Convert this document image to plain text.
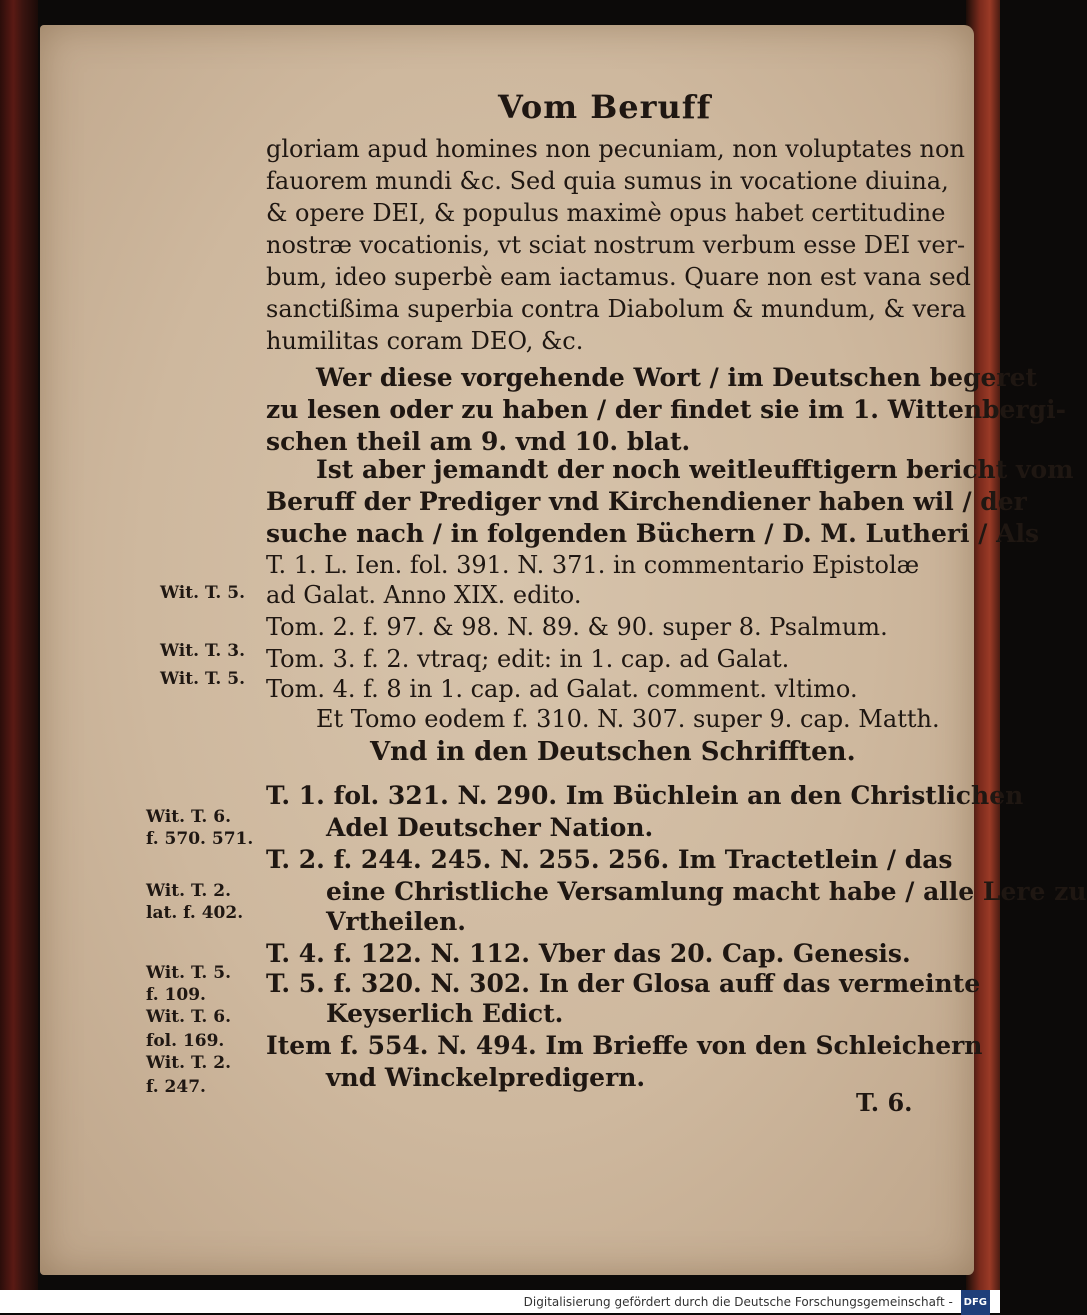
Vom Beruff
gloriam apud homines non pecuniam, non voluptates non
fauorem mundi &c. Sed quia sumus in vocatione diuina,
& opere DEI, & populus maximè opus habet certitudine
nostræ vocationis, vt sciat nostrum verbum esse DEI ver-
bum, ideo superbè eam iactamus. Quare non est vana sed
sanctißima superbia contra Diabolum & mundum, & vera
humilitas coram DEO, &c.
Wer diese vorgehende Wort / im Deutschen begeret
zu lesen oder zu haben / der findet sie im 1. Wittenbergi-
schen theil am 9. vnd 10. blat.
Ist aber jemandt der noch weitleufftigern bericht vom
Beruff der Prediger vnd Kirchendiener haben wil / der
suche nach / in folgenden Büchern / D. M. Lutheri / Als
T. 1. L. Ien. fol. 391. N. 371. in commentario Epistolæ
ad Galat. Anno XIX. edito.
Tom. 2. f. 97. & 98. N. 89. & 90. super 8. Psalmum.
Tom. 3. f. 2. vtraq; edit: in 1. cap. ad Galat.
Tom. 4. f. 8 in 1. cap. ad Galat. comment. vltimo.
Et Tomo eodem f. 310. N. 307. super 9. cap. Matth.
Vnd in den Deutschen Schrifften.
T. 1. fol. 321. N. 290. Im Büchlein an den Christlichen
Adel Deutscher Nation.
T. 2. f. 244. 245. N. 255. 256. Im Tractetlein / das
eine Christliche Versamlung macht habe / alle Lere zu
Vrtheilen.
T. 4. f. 122. N. 112. Vber das 20. Cap. Genesis.
T. 5. f. 320. N. 302. In der Glosa auff das vermeinte
Keyserlich Edict.
Item f. 554. N. 494. Im Brieffe von den Schleichern
vnd Winckelpredigern.
Wit. T. 5.
Wit. T. 3.
Wit. T. 5.
Wit. T. 6.
f. 570. 571.
Wit. T. 2.
lat. f. 402.
Wit. T. 5.
f. 109.
Wit. T. 6.
fol. 169.
Wit. T. 2.
f. 247.
T. 6.
Digitalisierung gefördert durch die Deutsche Forschungsgemeinschaft - DFG
